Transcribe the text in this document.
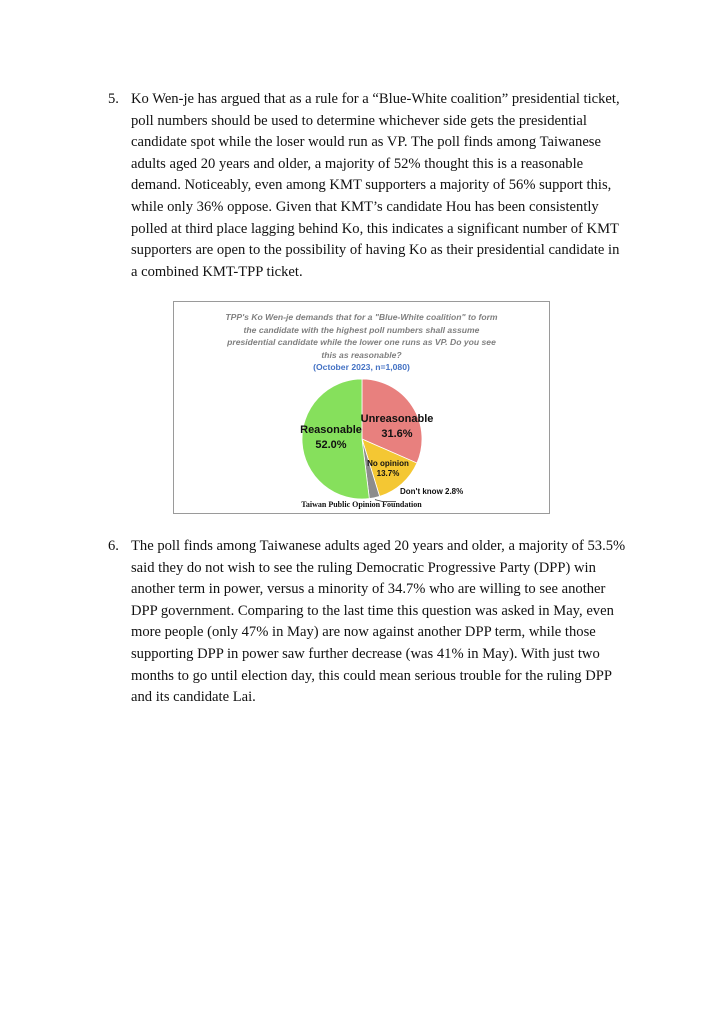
5. Ko Wen-je has argued that as a rule for a “Blue-White coalition” presidential ticket, poll numbers should be used to determine whichever side gets the presidential candidate spot while the loser would run as VP. The poll finds among Taiwanese adults aged 20 years and older, a majority of 52% thought this is a reasonable demand. Noticeably, even among KMT supporters a majority of 56% support this, while only 36% oppose. Given that KMT’s candidate Hou has been consistently polled at third place lagging behind Ko, this indicates a significant number of KMT supporters are open to the possibility of having Ko as their presidential candidate in a combined KMT-TPP ticket.
TPP's Ko Wen-je demands that for a "Blue-White coalition" to form
the candidate with the highest poll numbers shall assume
presidential candidate while the lower one runs as VP. Do you see
this as reasonable?
(October 2023, n=1,080)
Unreasonable
31.6%
No opinion
13.7%
Reasonable
52.0%
Don't know 2.8%
Taiwan Public Opinion Foundation
6. The poll finds among Taiwanese adults aged 20 years and older, a majority of 53.5% said they do not wish to see the ruling Democratic Progressive Party (DPP) win another term in power, versus a minority of 34.7% who are willing to see another DPP government. Comparing to the last time this question was asked in May, even more people (only 47% in May) are now against another DPP term, while those supporting DPP in power saw further decrease (was 41% in May). With just two months to go until election day, this could mean serious trouble for the ruling DPP and its candidate Lai.
